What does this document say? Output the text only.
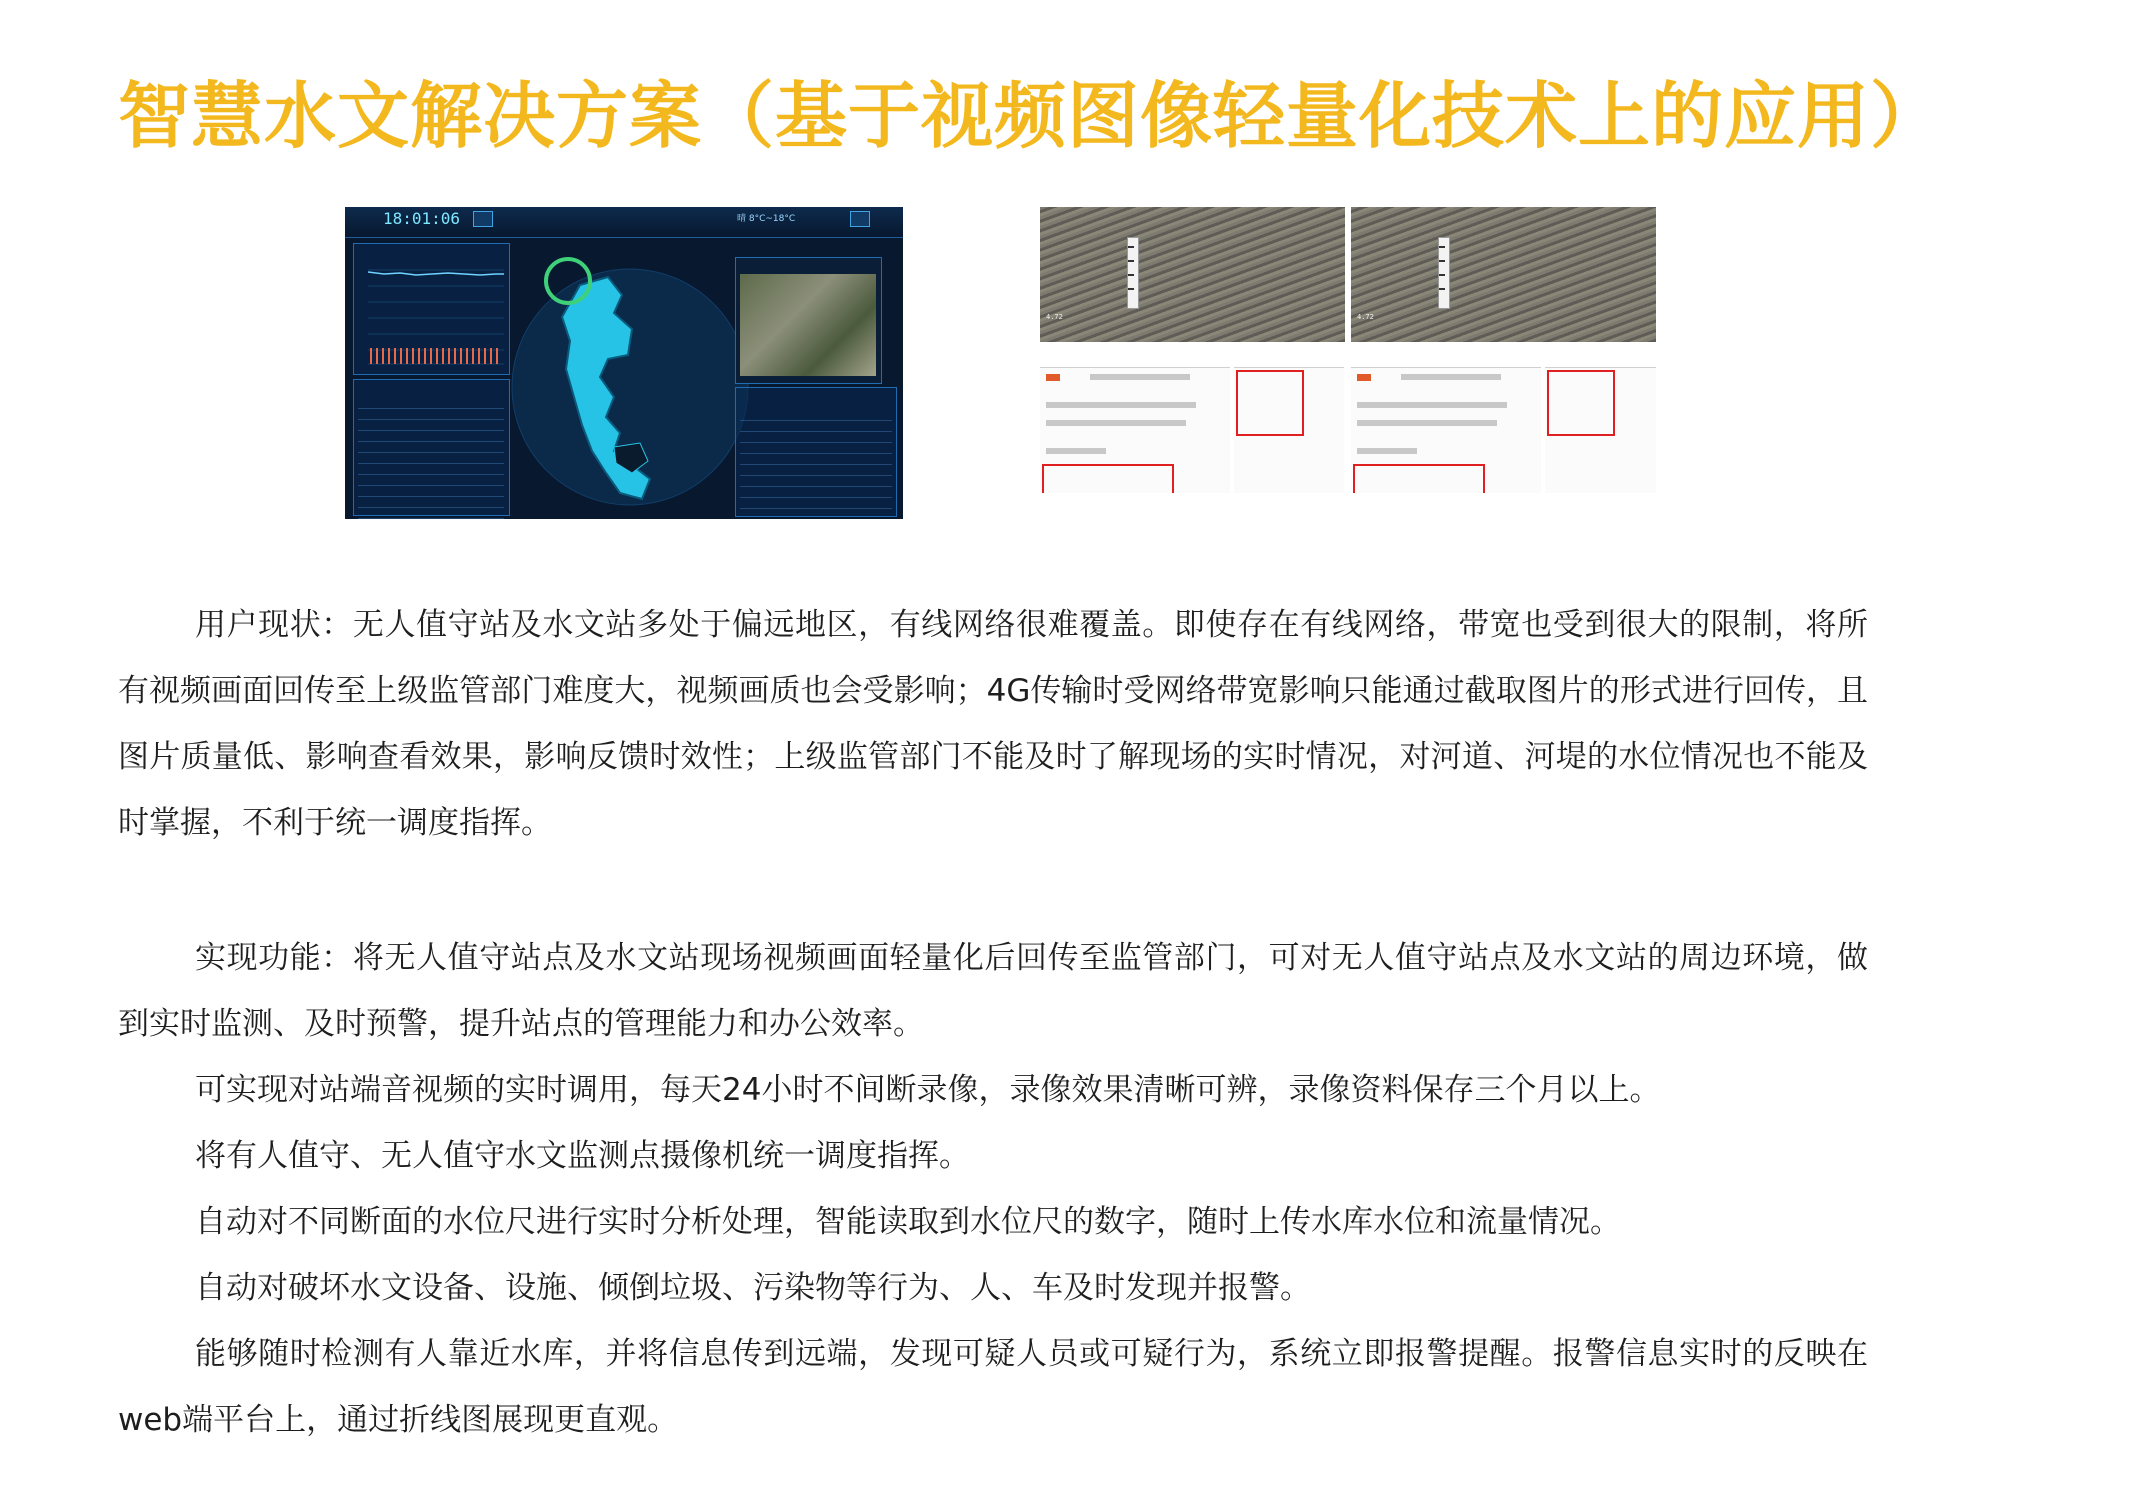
智慧水文解决方案（基于视频图像轻量化技术上的应用）
18:01:06	晴 8°C~18°C
4.72	4.72

用户现状：无人值守站及水文站多处于偏远地区，有线网络很难覆盖。即使存在有线网络，带宽也受到很大的限制，将所有视频画面回传至上级监管部门难度大，视频画质也会受影响；4G传输时受网络带宽影响只能通过截取图片的形式进行回传，且图片质量低、影响查看效果，影响反馈时效性；上级监管部门不能及时了解现场的实时情况，对河道、河堤的水位情况也不能及时掌握，不利于统一调度指挥。

实现功能：将无人值守站点及水文站现场视频画面轻量化后回传至监管部门，可对无人值守站点及水文站的周边环境，做到实时监测、及时预警，提升站点的管理能力和办公效率。

可实现对站端音视频的实时调用，每天24小时不间断录像，录像效果清晰可辨，录像资料保存三个月以上。

将有人值守、无人值守水文监测点摄像机统一调度指挥。

自动对不同断面的水位尺进行实时分析处理，智能读取到水位尺的数字，随时上传水库水位和流量情况。

自动对破坏水文设备、设施、倾倒垃圾、污染物等行为、人、车及时发现并报警。

能够随时检测有人靠近水库，并将信息传到远端，发现可疑人员或可疑行为，系统立即报警提醒。报警信息实时的反映在web端平台上，通过折线图展现更直观。
